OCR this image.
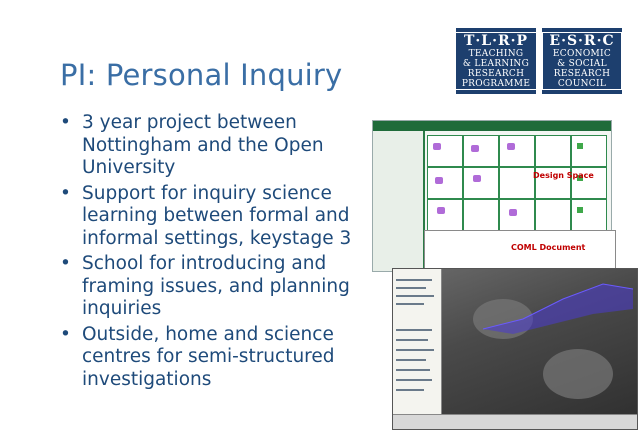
T·L·R·P
TEACHING
& LEARNING
RESEARCH
PROGRAMME
E·S·R·C
ECONOMIC
& SOCIAL
RESEARCH
COUNCIL
PI: Personal Inquiry
• 3 year project between Nottingham and the Open University
• Support for inquiry science learning between formal and informal settings, keystage 3
• School for introducing and framing issues, and planning inquiries
• Outside, home and science centres for semi-structured investigations
Design Space
COML Document
